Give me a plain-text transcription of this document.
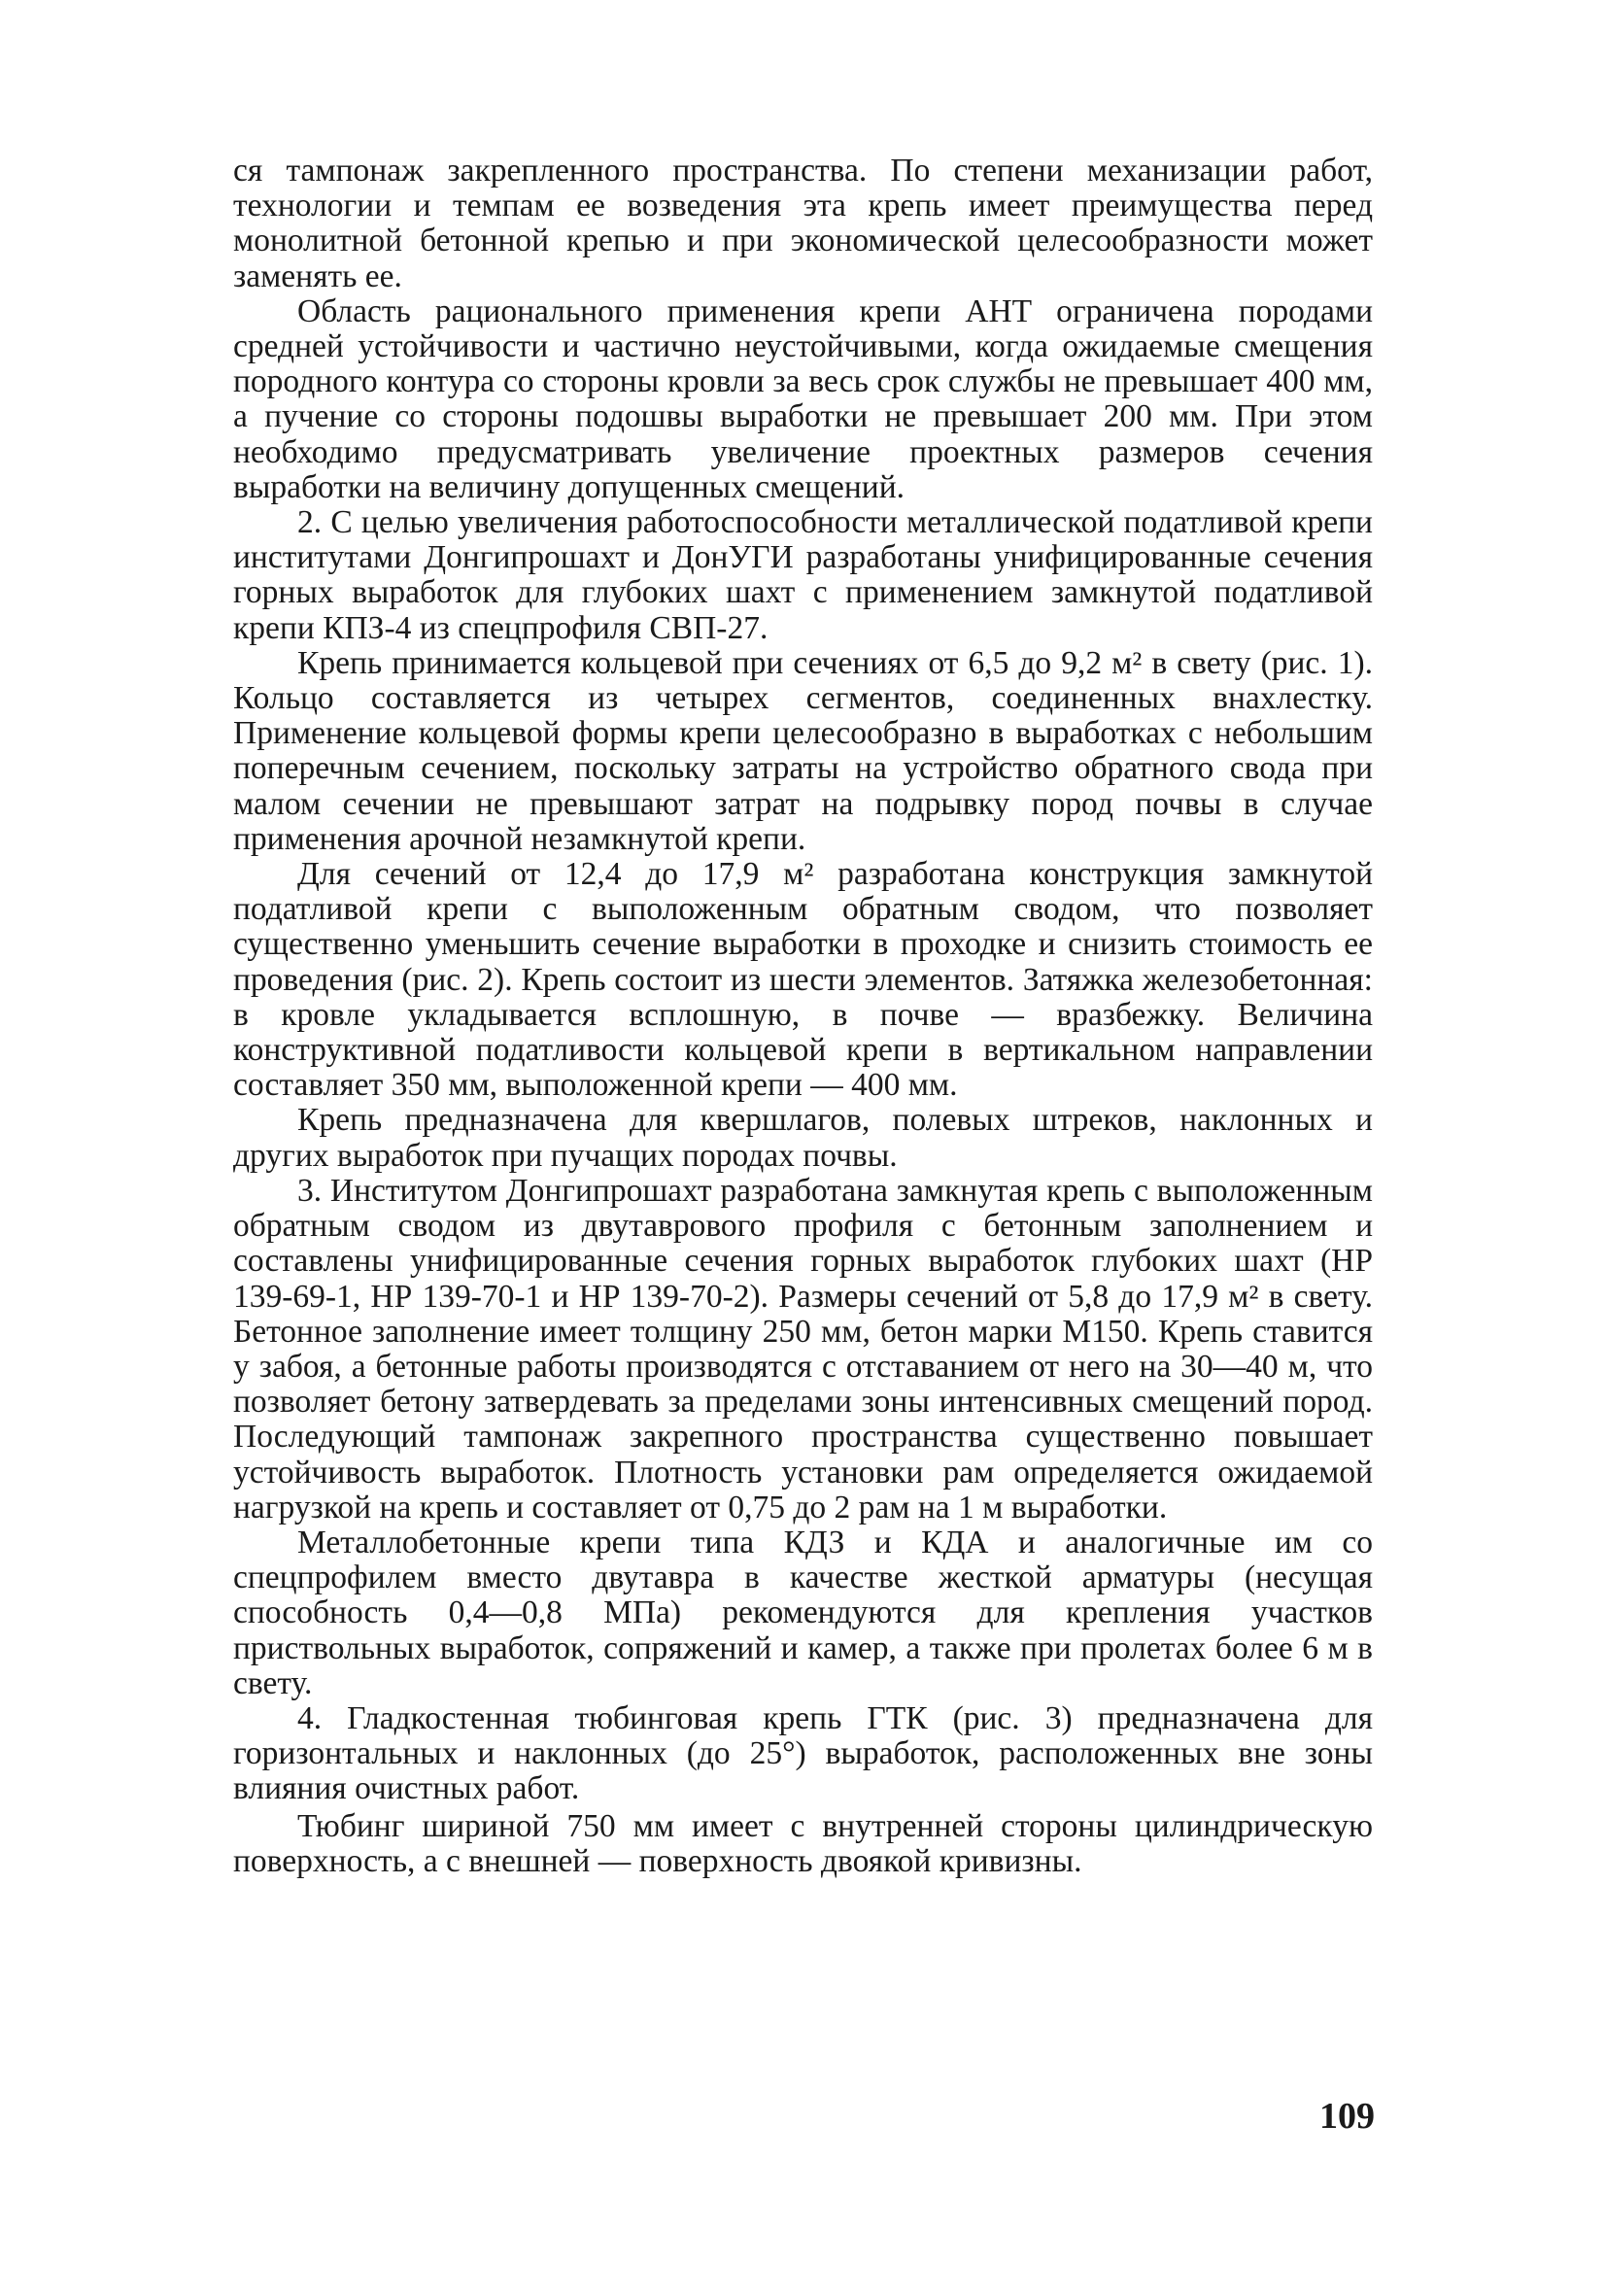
ся тампонаж закрепленного пространства. По степени механизации работ, технологии и темпам ее возведения эта крепь имеет преимущества перед монолитной бетонной крепью и при экономической целесообразности может заменять ее.

Область рационального применения крепи АНТ ограничена породами средней устойчивости и частично неустойчивыми, когда ожидаемые смещения породного контура со стороны кровли за весь срок службы не превышает 400 мм, а пучение со стороны подошвы выработки не превышает 200 мм. При этом необходимо предусматривать увеличение проектных размеров сечения выработки на величину допущенных смещений.

2. С целью увеличения работоспособности металлической податливой крепи институтами Донгипрошахт и ДонУГИ разработаны унифицированные сечения горных выработок для глубоких шахт с применением замкнутой податливой крепи КПЗ-4 из спецпрофиля СВП-27.

Крепь принимается кольцевой при сечениях от 6,5 до 9,2 м² в свету (рис. 1). Кольцо составляется из четырех сегментов, соединенных внахлестку. Применение кольцевой формы крепи целесообразно в выработках с небольшим поперечным сечением, поскольку затраты на устройство обратного свода при малом сечении не превышают затрат на подрывку пород почвы в случае применения арочной незамкнутой крепи.

Для сечений от 12,4 до 17,9 м² разработана конструкция замкнутой податливой крепи с выположенным обратным сводом, что позволяет существенно уменьшить сечение выработки в проходке и снизить стоимость ее проведения (рис. 2). Крепь состоит из шести элементов. Затяжка железобетонная: в кровле укладывается всплошную, в почве — вразбежку. Величина конструктивной податливости кольцевой крепи в вертикальном направлении составляет 350 мм, выположенной крепи — 400 мм.

Крепь предназначена для квершлагов, полевых штреков, наклонных и других выработок при пучащих породах почвы.

3. Институтом Донгипрошахт разработана замкнутая крепь с выположенным обратным сводом из двутаврового профиля с бетонным заполнением и составлены унифицированные сечения горных выработок глубоких шахт (НР 139-69-1, НР 139-70-1 и НР 139-70-2). Размеры сечений от 5,8 до 17,9 м² в свету. Бетонное заполнение имеет толщину 250 мм, бетон марки М150. Крепь ставится у забоя, а бетонные работы производятся с отставанием от него на 30—40 м, что позволяет бетону затвердевать за пределами зоны интенсивных смещений пород. Последующий тампонаж закрепного пространства существенно повышает устойчивость выработок. Плотность установки рам определяется ожидаемой нагрузкой на крепь и составляет от 0,75 до 2 рам на 1 м выработки.

Металлобетонные крепи типа КДЗ и КДА и аналогичные им со спецпрофилем вместо двутавра в качестве жесткой арматуры (несущая способность 0,4—0,8 МПа) рекомендуются для крепления участков приствольных выработок, сопряжений и камер, а также при пролетах более 6 м в свету.

4. Гладкостенная тюбинговая крепь ГТК (рис. 3) предназначена для горизонтальных и наклонных (до 25°) выработок, расположенных вне зоны влияния очистных работ.

Тюбинг шириной 750 мм имеет с внутренней стороны цилиндрическую поверхность, а с внешней — поверхность двоякой кривизны.

109
